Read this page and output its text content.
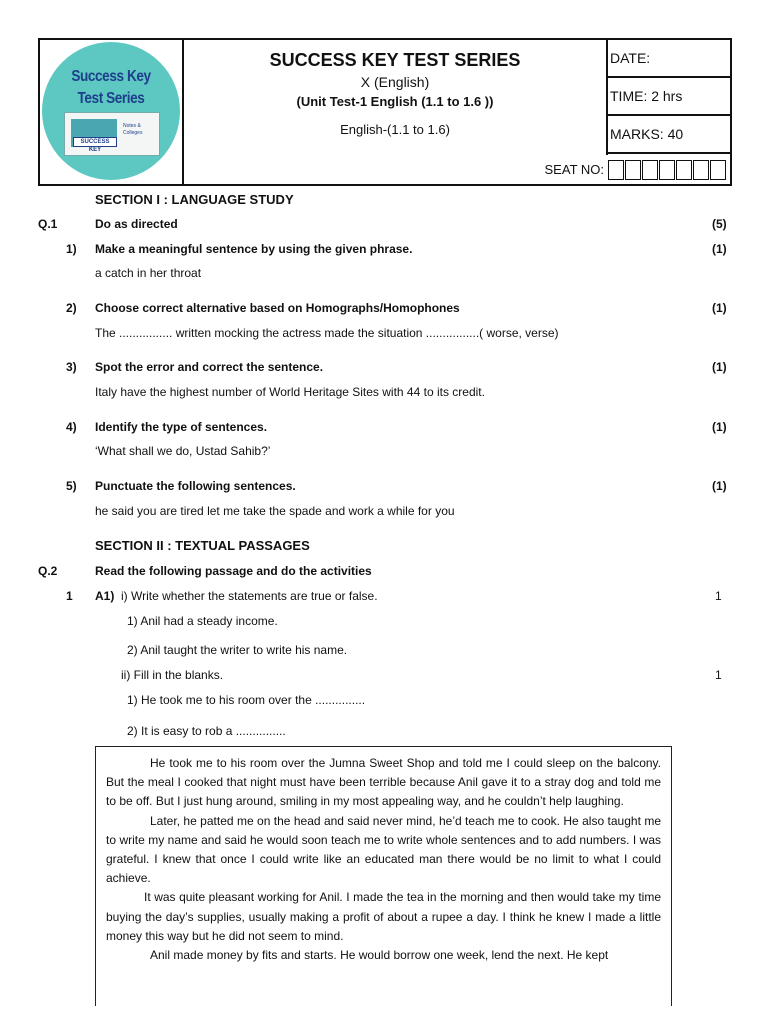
Success Key
Test Series
SUCCESS KEY
Notes & Colleges
SUCCESS KEY TEST SERIES
X (English)
(Unit Test-1 English (1.1 to 1.6 ))
English-(1.1 to 1.6)
SEAT NO:
DATE:
TIME: 2 hrs
MARKS: 40
SECTION I : LANGUAGE STUDY
Q.1	Do as directed	(5)
1) Make a meaningful sentence by using the given phrase.	(1)
a catch in her throat
2) Choose correct alternative based on Homographs/Homophones	(1)
The ................ written mocking the actress made the situation ................( worse, verse)
3) Spot the error and correct the sentence.	(1)
Italy have the highest number of World Heritage Sites with 44 to its credit.
4) Identify the type of sentences.	(1)
‘What shall we do, Ustad Sahib?’
5) Punctuate the following sentences.	(1)
he said you are tired let me take the spade and work a while for you
SECTION II : TEXTUAL PASSAGES
Q.2	Read the following passage and do the activities
1 A1) i) Write whether the statements are true or false.	1
1) Anil had a steady income.
2) Anil taught the writer to write his name.
ii) Fill in the blanks.	1
1) He took me to his room over the ...............
2) It is easy to rob a ...............

He took me to his room over the Jumna Sweet Shop and told me I could sleep on the balcony. But the meal I cooked that night must have been terrible because Anil gave it to a stray dog and told me to be off. But I just hung around, smiling in my most appealing way, and he couldn’t help laughing.

Later, he patted me on the head and said never mind, he’d teach me to cook. He also taught me to write my name and said he would soon teach me to write whole sentences and to add numbers. I was grateful. I knew that once I could write like an educated man there would be no limit to what I could achieve.

It was quite pleasant working for Anil. I made the tea in the morning and then would take my time buying the day’s supplies, usually making a profit of about a rupee a day. I think he knew I made a little money this way but he did not seem to mind.

Anil made money by fits and starts. He would borrow one week, lend the next. He kept
